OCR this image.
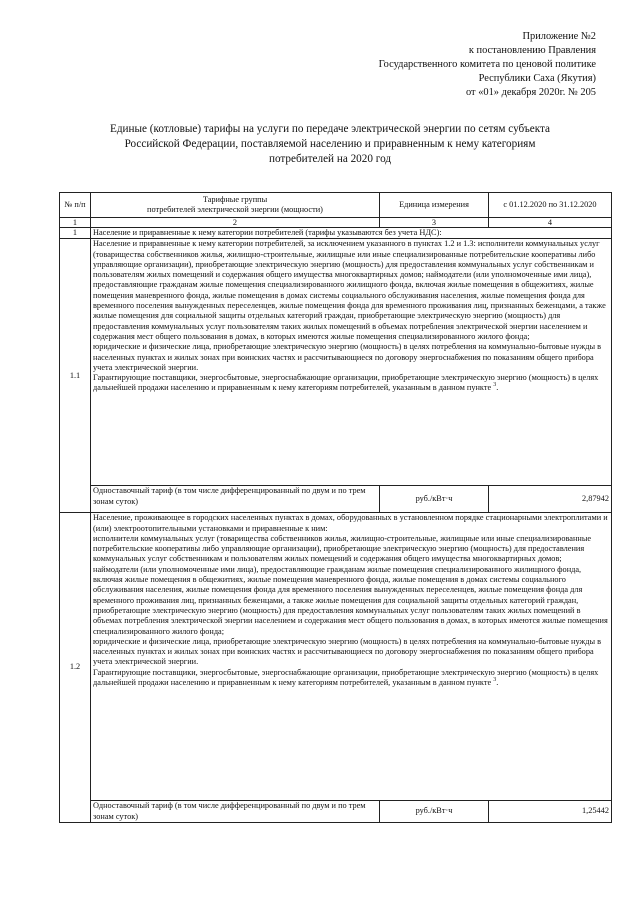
Приложение №2
к постановлению Правления
Государственного комитета по ценовой политике
Республики Саха (Якутия)
от «01» декабря 2020г. № 205
Единые (котловые) тарифы на услуги по передаче электрической энергии по сетям субъекта
Российской Федерации, поставляемой населению и приравненным к нему категориям
потребителей на 2020 год
№ п/п	Тарифные группы
потребителей электрической энергии (мощности)	Единица измерения	с 01.12.2020 по 31.12.2020
1	2	3	4
1	Население и приравненные к нему категории потребителей (тарифы указываются без учета НДС):		
1.1	Население и приравненные к нему категории потребителей, за исключением указанного в пунктах 1.2 и 1.3: исполнители коммунальных услуг (товарищества собственников жилья, жилищно-строительные, жилищные или иные специализированные потребительские кооперативы либо управляющие организации), приобретающие электрическую энергию (мощность) для предоставления коммунальных услуг собственникам и пользователям жилых помещений и содержания общего имущества многоквартирных домов; наймодатели (или уполномоченные ими лица), предоставляющие гражданам жилые помещения специализированного жилищного фонда, включая жилые помещения в общежитиях, жилые помещения маневренного фонда, жилые помещения в домах системы социального обслуживания населения, жилые помещения фонда для временного поселения вынужденных переселенцев, жилые помещения фонда для временного проживания лиц, признанных беженцами, а также жилые помещения для социальной защиты отдельных категорий граждан, приобретающие электрическую энергию (мощность) для предоставления коммунальных услуг пользователям таких жилых помещений в объемах потребления электрической энергии населением и содержания мест общего пользования в домах, в которых имеются жилые помещения специализированного жилого фонда;

юридические и физические лица, приобретающие электрическую энергию (мощность) в целях потребления на коммунально-бытовые нужды в населенных пунктах и жилых зонах при воинских частях и рассчитывающиеся по договору энергоснабжения по показаниям общего прибора учета электрической энергии.

Гарантирующие поставщики, энергосбытовые, энергоснабжающие организации, приобретающие электрическую энергию (мощность) в целях дальнейшей продажи населению и приравненным к нему категориям потребителей, указанным в данном пункте $^3$.		

	Одноставочный тариф (в том числе дифференцированный по двум и по трем зонам суток)	руб./кВт·ч	2,87942
1.2	Население, проживающее в городских населенных пунктах в домах, оборудованных в установленном порядке стационарными электроплитами и (или) электроотопительными установками и приравненные к ним:

исполнители коммунальных услуг (товарищества собственников жилья, жилищно-строительные, жилищные или иные специализированные потребительские кооперативы либо управляющие организации), приобретающие электрическую энергию (мощность) для предоставления коммунальных услуг собственникам и пользователям жилых помещений и содержания общего имущества многоквартирных домов; наймодатели (или уполномоченные ими лица), предоставляющие гражданам жилые помещения специализированного жилищного фонда, включая жилые помещения в общежитиях, жилые помещения маневренного фонда, жилые помещения в домах системы социального обслуживания населения, жилые помещения фонда для временного поселения вынужденных переселенцев, жилые помещения фонда для временного проживания лиц, признанных беженцами, а также жилые помещения для социальной защиты отдельных категорий граждан, приобретающие электрическую энергию (мощность) для предоставления коммунальных услуг пользователям таких жилых помещений в объемах потребления электрической энергии населением и содержания мест общего пользования в домах, в которых имеются жилые помещения специализированного жилого фонда;

юридические и физические лица, приобретающие электрическую энергию (мощность) в целях потребления на коммунально-бытовые нужды в населенных пунктах и жилых зонах при воинских частях и рассчитывающиеся по договору энергоснабжения по показаниям общего прибора учета электрической энергии.

Гарантирующие поставщики, энергосбытовые, энергоснабжающие организации, приобретающие электрическую энергию (мощность) в целях дальнейшей продажи населению и приравненным к нему категориям потребителей, указанным в данном пункте $^3$.		

	Одноставочный тариф (в том числе дифференцированный по двум и по трем зонам суток)	руб./кВт·ч	1,25442
